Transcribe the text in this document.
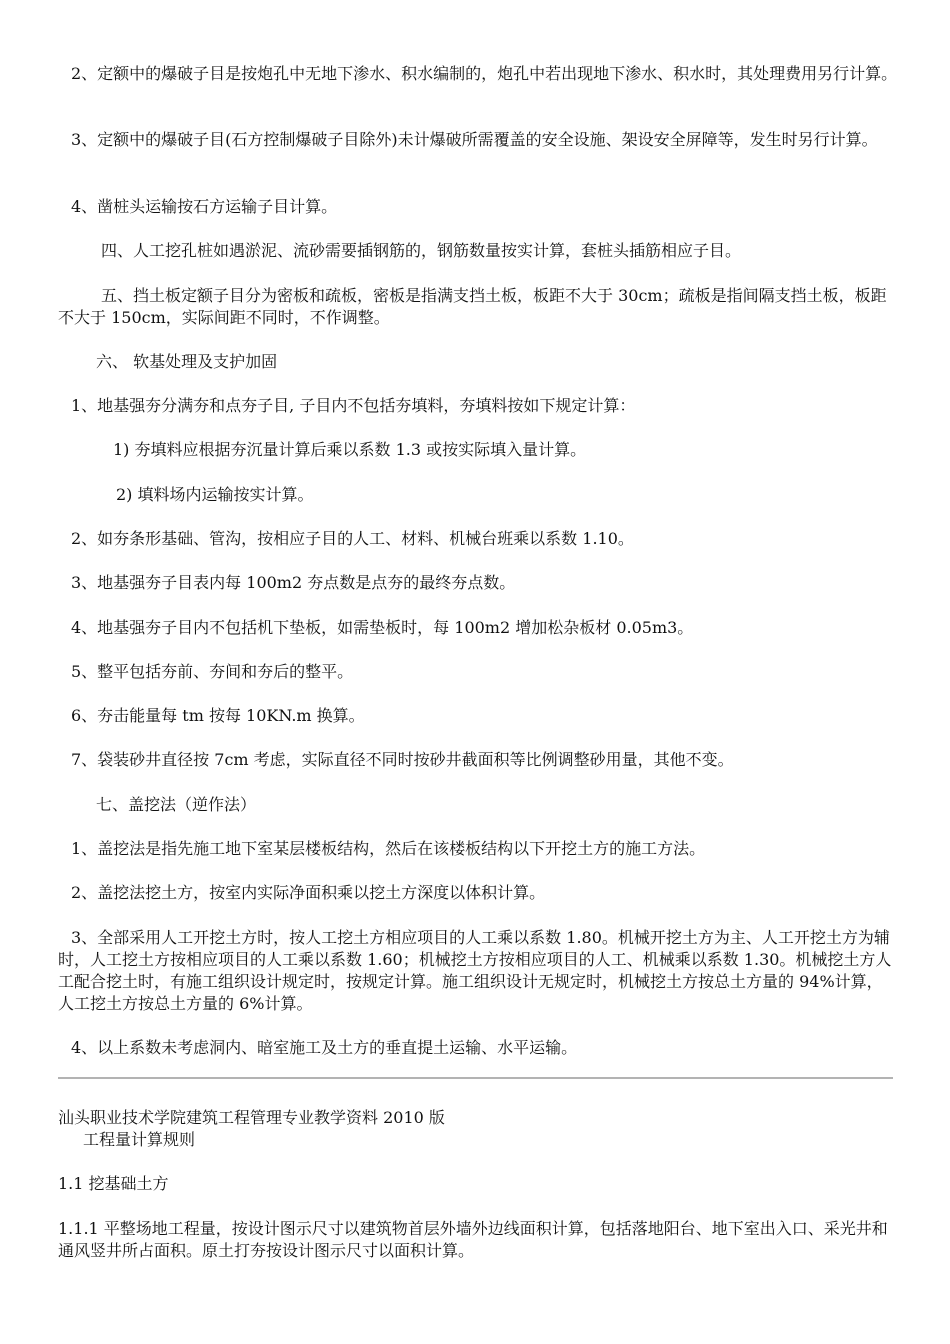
2、定额中的爆破子目是按炮孔中无地下渗水、积水编制的，炮孔中若出现地下渗水、积水时，其处理费用另行计算。

3、定额中的爆破子目(石方控制爆破子目除外)未计爆破所需覆盖的安全设施、架设安全屏障等，发生时另行计算。

4、凿桩头运输按石方运输子目计算。

四、人工挖孔桩如遇淤泥、流砂需要插钢筋的，钢筋数量按实计算，套桩头插筋相应子目。

五、挡土板定额子目分为密板和疏板，密板是指满支挡土板，板距不大于 30cm；疏板是指间隔支挡土板，板距不大于 150cm，实际间距不同时，不作调整。

六、 软基处理及支护加固

1、地基强夯分满夯和点夯子目, 子目内不包括夯填料，夯填料按如下规定计算：

1) 夯填料应根据夯沉量计算后乘以系数 1.3 或按实际填入量计算。

2) 填料场内运输按实计算。

2、如夯条形基础、管沟，按相应子目的人工、材料、机械台班乘以系数 1.10。

3、地基强夯子目表内每 100m2 夯点数是点夯的最终夯点数。

4、地基强夯子目内不包括机下垫板，如需垫板时，每 100m2 增加松杂板材 0.05m3。

5、整平包括夯前、夯间和夯后的整平。

6、夯击能量每 tm 按每 10KN.m 换算。

7、袋装砂井直径按 7cm 考虑，实际直径不同时按砂井截面积等比例调整砂用量，其他不变。

七、盖挖法（逆作法）

1、盖挖法是指先施工地下室某层楼板结构，然后在该楼板结构以下开挖土方的施工方法。

2、盖挖法挖土方，按室内实际净面积乘以挖土方深度以体积计算。

3、全部采用人工开挖土方时，按人工挖土方相应项目的人工乘以系数 1.80。机械开挖土方为主、人工开挖土方为辅时，人工挖土方按相应项目的人工乘以系数 1.60；机械挖土方按相应项目的人工、机械乘以系数 1.30。机械挖土方人工配合挖土时，有施工组织设计规定时，按规定计算。施工组织设计无规定时，机械挖土方按总土方量的 94%计算，人工挖土方按总土方量的 6%计算。

4、以上系数未考虑洞内、暗室施工及土方的垂直提土运输、水平运输。

汕头职业技术学院建筑工程管理专业教学资料 2010 版

工程量计算规则

1.1 挖基础土方

1.1.1 平整场地工程量，按设计图示尺寸以建筑物首层外墙外边线面积计算，包括落地阳台、地下室出入口、采光井和通风竖井所占面积。原土打夯按设计图示尺寸以面积计算。
